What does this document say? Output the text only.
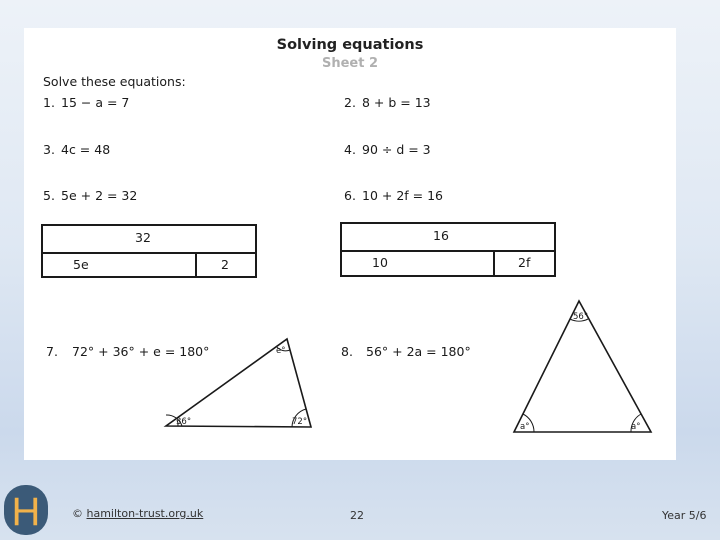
Solving equations
Sheet 2
Solve these equations:
1. 15 − a = 7	2. 8 + b = 13
3. 4c = 48	4. 90 ÷ d = 3
5. 5e + 2 = 32	6. 10 + 2f = 16
32
5e	2
16
10	2f
7. 72° + 36° + e = 180°	8. 56° + 2a = 180°
36°	72°
e°
56°
a°	a°
H	© hamilton-trust.org.uk	22	Year 5/6
